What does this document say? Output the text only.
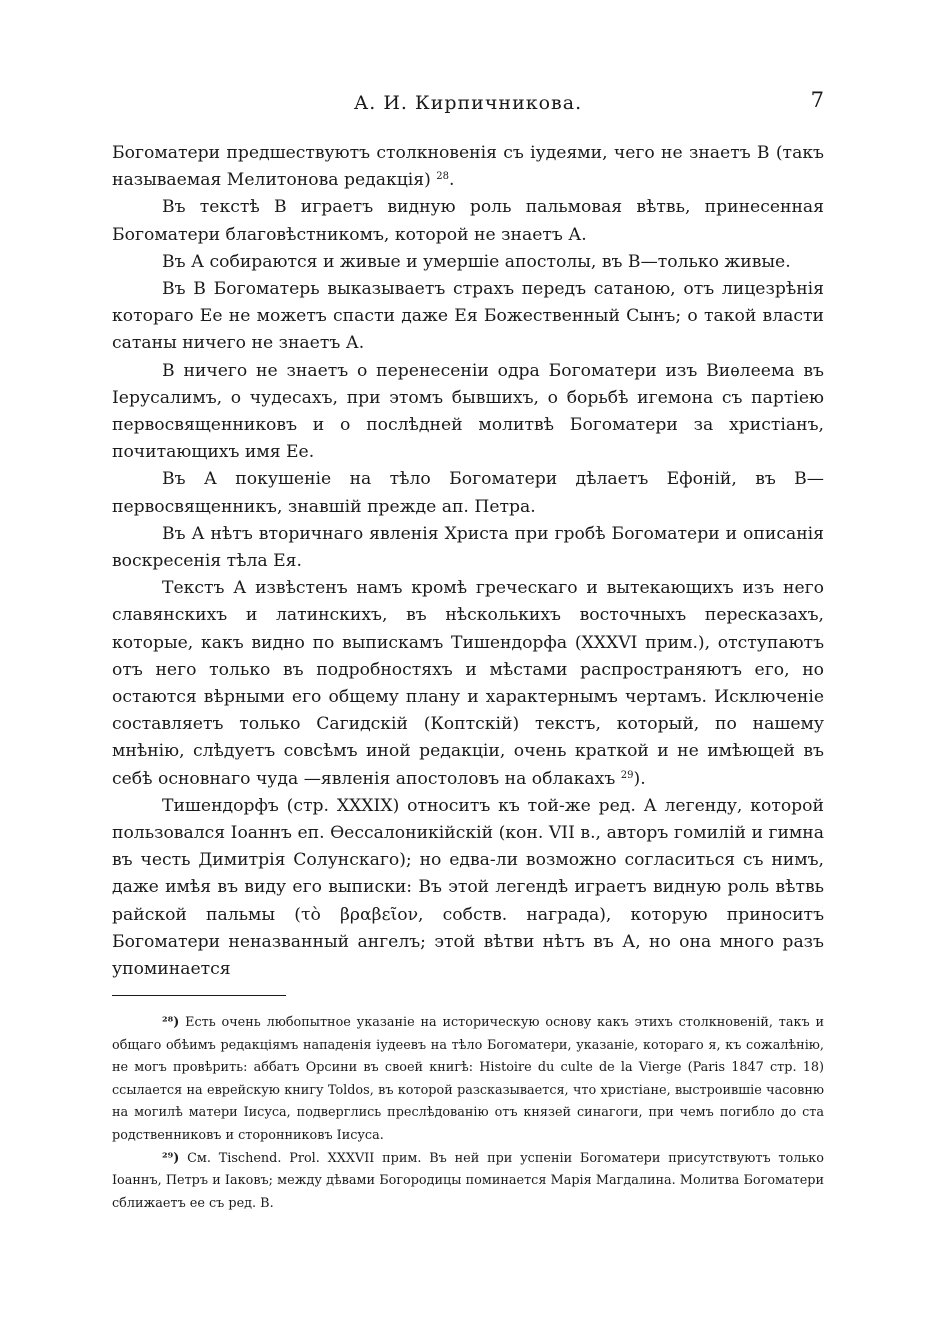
А. И. Кирпичникова.	7

Богоматери предшествуютъ столкновенія съ іудеями, чего не знаетъ В (такъ называемая Мелитонова редакція) $^{28}$.

Въ текстѣ В играетъ видную роль пальмовая вѣтвь, принесенная Богоматери благовѣстникомъ, которой не знаетъ А.

Въ А собираются и живые и умершіе апостолы, въ В—только живые.

Въ В Богоматерь выказываетъ страхъ передъ сатаною, отъ лицезрѣнія котораго Ее не можетъ спасти даже Ея Божественный Сынъ; о такой власти сатаны ничего не знаетъ А.

В ничего не знаетъ о перенесеніи одра Богоматери изъ Виѳлеема въ Іерусалимъ, о чудесахъ, при этомъ бывшихъ, о борьбѣ игемона съ партіею первосвященниковъ и о послѣдней молитвѣ Богоматери за христіанъ, почитающихъ имя Ее.

Въ А покушеніе на тѣло Богоматери дѣлаетъ Ефоній, въ В—первосвященникъ, знавшій прежде ап. Петра.

Въ А нѣтъ вторичнаго явленія Христа при гробѣ Богоматери и описанія воскресенія тѣла Ея.

Текстъ А извѣстенъ намъ кромѣ греческаго и вытекающихъ изъ него славянскихъ и латинскихъ, въ нѣсколькихъ восточныхъ пересказахъ, которые, какъ видно по выпискамъ Тишендорфа (XXXVI прим.), отступаютъ отъ него только въ подробностяхъ и мѣстами распространяютъ его, но остаются вѣрными его общему плану и характернымъ чертамъ. Исключеніе составляетъ только Сагидскій (Коптскій) текстъ, который, по нашему мнѣнію, слѣдуетъ совсѣмъ иной редакціи, очень краткой и не имѣющей въ себѣ основнаго чуда —явленія апостоловъ на облакахъ $^{29}$).

Тишендорфъ (стр. XXXIX) относитъ къ той-же ред. А легенду, которой пользовался Іоаннъ еп. Ѳессалоникійскій (кон. VII в., авторъ гомилій и гимна въ честь Димитрія Солунскаго); но едва-ли возможно согласиться съ нимъ, даже имѣя въ виду его выписки: Въ этой легендѣ играетъ видную роль вѣтвь райской пальмы (τὸ βραβεῖον, собств. награда), которую приноситъ Богоматери неназванный ангелъ; этой вѣтви нѣтъ въ А, но она много разъ упоминается

²⁸) Есть очень любопытное указаніе на историческую основу какъ этихъ столкновеній, такъ и общаго обѣимъ редакціямъ нападенія іудеевъ на тѣло Богоматери, указаніе, котораго я, къ сожалѣнію, не могъ провѣрить: аббатъ Орсини въ своей книгѣ: Histoire du culte de la Vierge (Paris 1847 стр. 18) ссылается на еврейскую книгу Toldos, въ которой разсказывается, что христіане, выстроившіе часовню на могилѣ матери Іисуса, подверглись преслѣдованію отъ князей синагоги, при чемъ погибло до ста родственниковъ и сторонниковъ Іисуса.

²⁹) См. Tischend. Prol. XXXVII прим. Въ ней при успеніи Богоматери присутствуютъ только Іоаннъ, Петръ и Іаковъ; между дѣвами Богородицы поминается Марія Магдалина. Молитва Богоматери сближаетъ ее съ ред. В.
